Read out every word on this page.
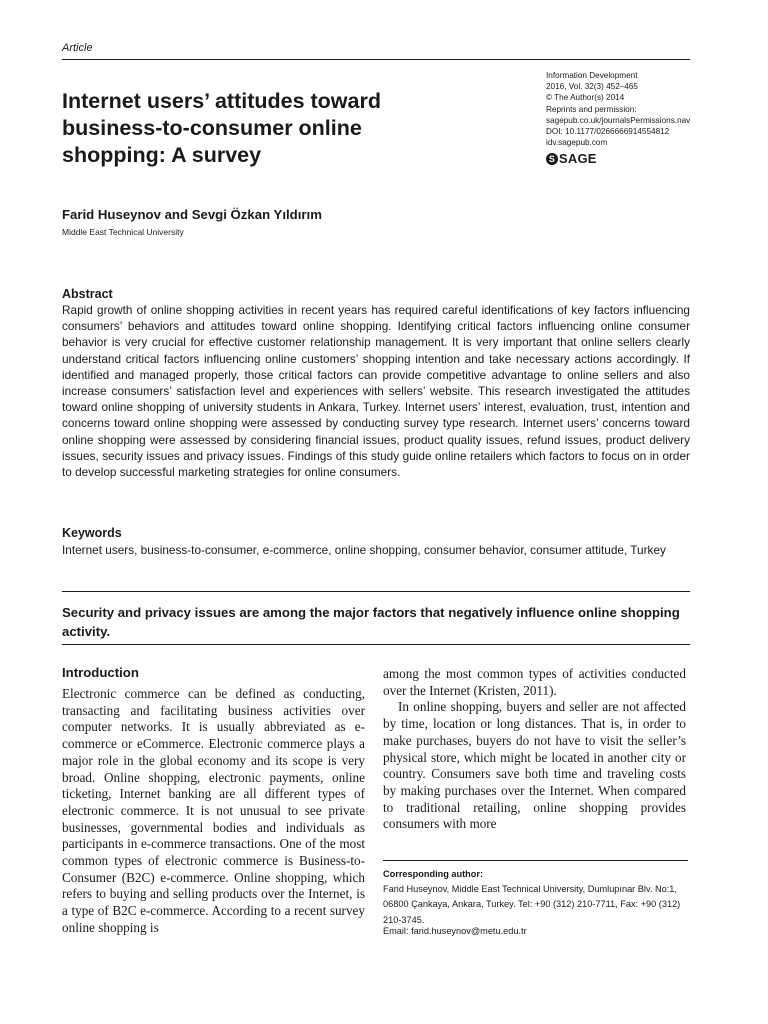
Article
Internet users’ attitudes toward business-to-consumer online shopping: A survey
Information Development
2016, Vol. 32(3) 452–465
© The Author(s) 2014
Reprints and permission:
sagepub.co.uk/journalsPermissions.nav
DOI: 10.1177/0266666914554812
idv.sagepub.com
S SAGE
Farid Huseynov and Sevgi Özkan Yıldırım
Middle East Technical University
Abstract
Rapid growth of online shopping activities in recent years has required careful identifications of key factors influencing consumers’ behaviors and attitudes toward online shopping. Identifying critical factors influencing online consumer behavior is very crucial for effective customer relationship management. It is very important that online sellers clearly understand critical factors influencing online customers’ shopping intention and take necessary actions accordingly. If identified and managed properly, those critical factors can provide competitive advantage to online sellers and also increase consumers’ satisfaction level and experiences with sellers’ website. This research investigated the attitudes toward online shopping of university students in Ankara, Turkey. Internet users’ interest, evaluation, trust, intention and concerns toward online shopping were assessed by conducting survey type research. Internet users’ concerns toward online shopping were assessed by considering financial issues, product quality issues, refund issues, product delivery issues, security issues and privacy issues. Findings of this study guide online retailers which factors to focus on in order to develop successful marketing strategies for online consumers.
Keywords
Internet users, business-to-consumer, e-commerce, online shopping, consumer behavior, consumer attitude, Turkey
Security and privacy issues are among the major factors that negatively influence online shopping activity.
Introduction

Electronic commerce can be defined as conducting, transacting and facilitating business activities over computer networks. It is usually abbreviated as e-commerce or eCommerce. Electronic commerce plays a major role in the global economy and its scope is very broad. Online shopping, electronic payments, online ticketing, Internet banking are all different types of electronic commerce. It is not unusual to see private businesses, governmental bodies and individuals as participants in e-commerce transactions. One of the most common types of electronic commerce is Business-to-Consumer (B2C) e-commerce. Online shopping, which refers to buying and selling products over the Internet, is a type of B2C e-commerce. According to a recent survey online shopping is

among the most common types of activities conducted over the Internet (Kristen, 2011).

In online shopping, buyers and seller are not affected by time, location or long distances. That is, in order to make purchases, buyers do not have to visit the seller’s physical store, which might be located in another city or country. Consumers save both time and traveling costs by making purchases over the Internet. When compared to traditional retailing, online shopping provides consumers with more

Corresponding author:
Farid Huseynov, Middle East Technical University, Dumlupınar Blv. No:1, 06800 Çankaya, Ankara, Turkey. Tel: +90 (312) 210-7711, Fax: +90 (312) 210-3745.
Email: farid.huseynov@metu.edu.tr
